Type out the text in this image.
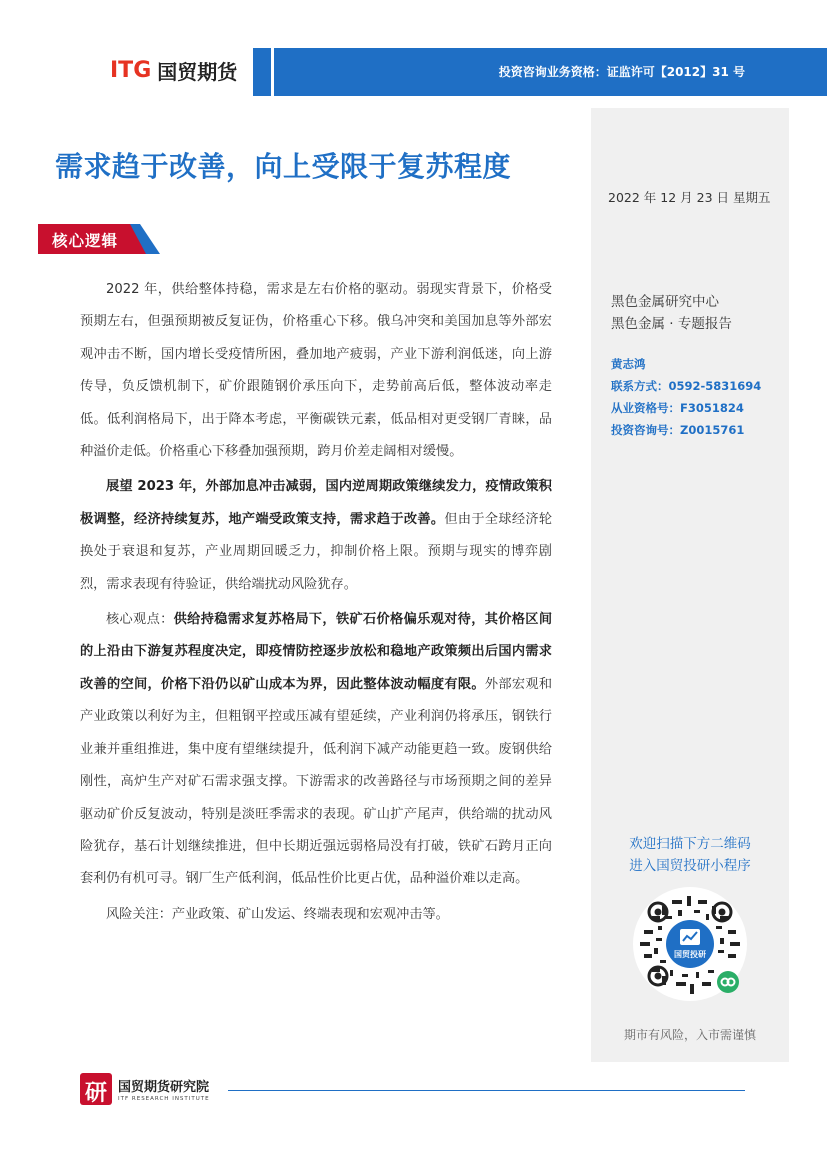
ITG 国贸期货	投资咨询业务资格：证监许可【2012】31 号
2022 年 12 月 23 日 星期五
黑色金属研究中心
黑色金属 · 专题报告
黄志鸿
联系方式：0592-5831694
从业资格号：F3051824
投资咨询号：Z0015761
欢迎扫描下方二维码
进入国贸投研小程序
国贸投研
期市有风险，入市需谨慎
需求趋于改善，向上受限于复苏程度
核心逻辑

2022 年，供给整体持稳，需求是左右价格的驱动。弱现实背景下，价格受预期左右，但强预期被反复证伪，价格重心下移。俄乌冲突和美国加息等外部宏观冲击不断，国内增长受疫情所困，叠加地产疲弱，产业下游利润低迷，向上游传导，负反馈机制下，矿价跟随钢价承压向下，走势前高后低，整体波动率走低。低利润格局下，出于降本考虑，平衡碳铁元素，低品相对更受钢厂青睐，品种溢价走低。价格重心下移叠加强预期，跨月价差走阔相对缓慢。

展望 2023 年，外部加息冲击减弱，国内逆周期政策继续发力，疫情政策积极调整，经济持续复苏，地产端受政策支持，需求趋于改善。但由于全球经济轮换处于衰退和复苏，产业周期回暖乏力，抑制价格上限。预期与现实的博弈剧烈，需求表现有待验证，供给端扰动风险犹存。

核心观点：供给持稳需求复苏格局下，铁矿石价格偏乐观对待，其价格区间的上沿由下游复苏程度决定，即疫情防控逐步放松和稳地产政策频出后国内需求改善的空间，价格下沿仍以矿山成本为界，因此整体波动幅度有限。外部宏观和产业政策以利好为主，但粗钢平控或压减有望延续，产业利润仍将承压，钢铁行业兼并重组推进，集中度有望继续提升，低利润下减产动能更趋一致。废钢供给刚性，高炉生产对矿石需求强支撑。下游需求的改善路径与市场预期之间的差异驱动矿价反复波动，特别是淡旺季需求的表现。矿山扩产尾声，供给端的扰动风险犹存，基石计划继续推进，但中长期近强远弱格局没有打破，铁矿石跨月正向套利仍有机可寻。钢厂生产低利润，低品性价比更占优，品种溢价难以走高。

风险关注：产业政策、矿山发运、终端表现和宏观冲击等。

研 国贸期货研究院
ITF RESEARCH INSTITUTE
